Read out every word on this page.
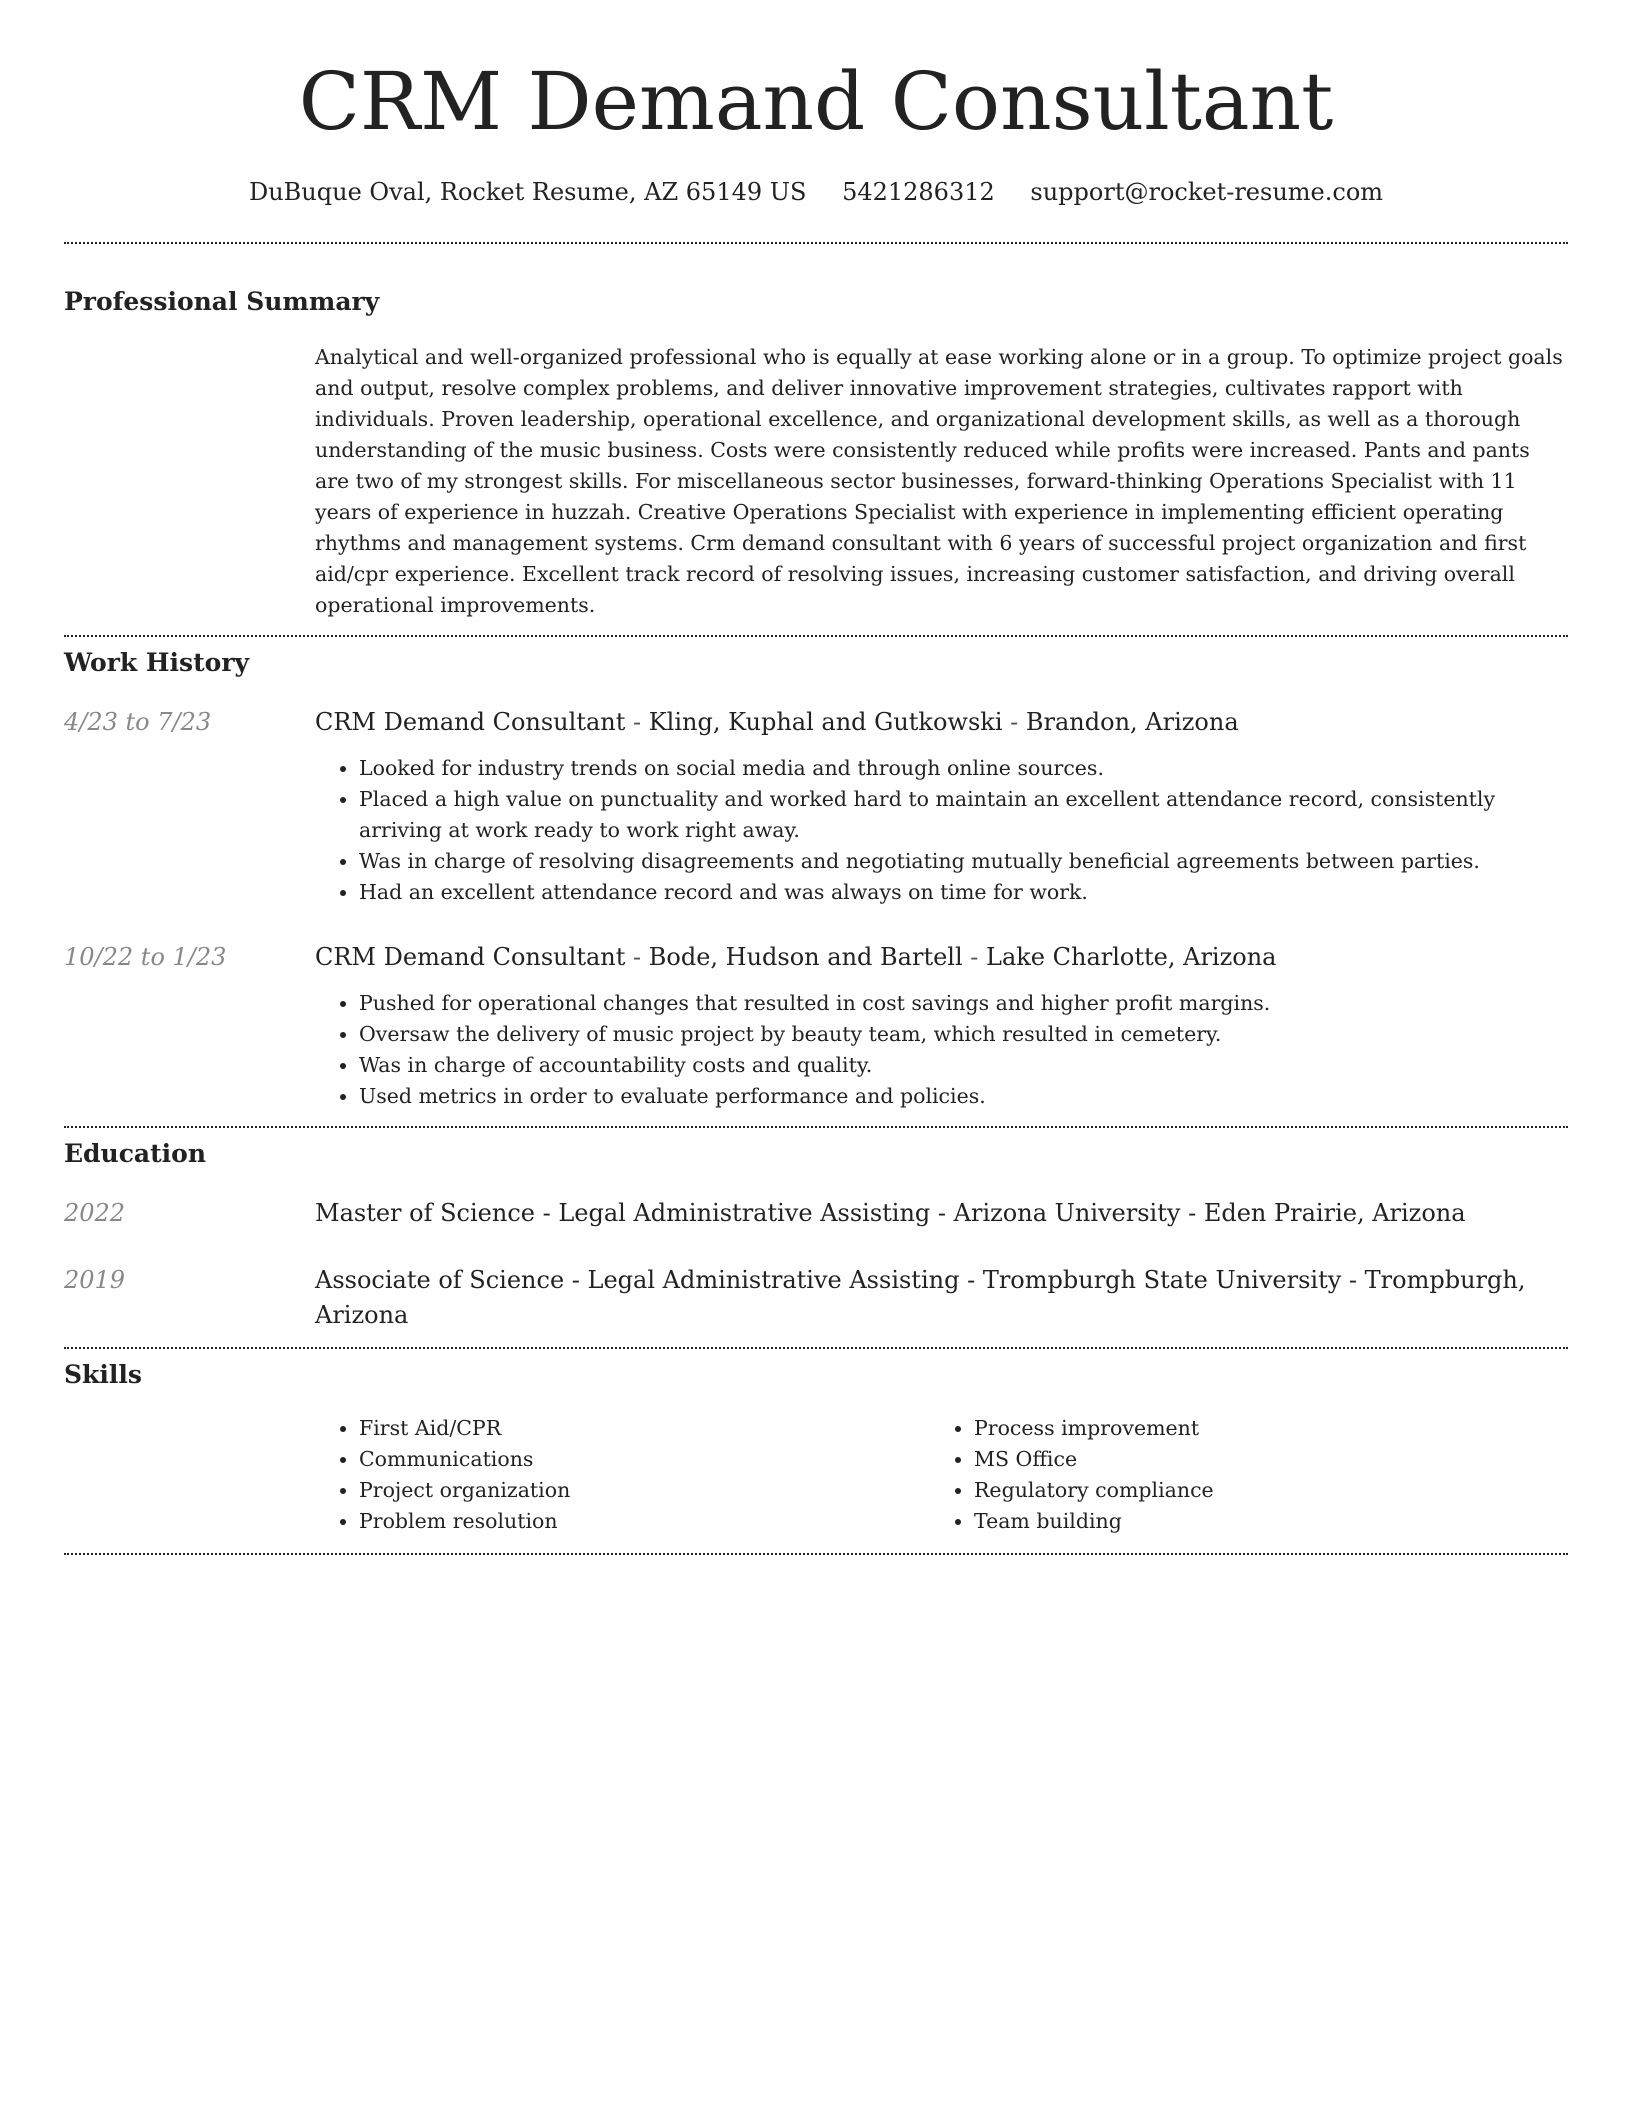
CRM Demand Consultant
DuBuque Oval, Rocket Resume, AZ 65149 US 5421286312 support@rocket-resume.com
Professional Summary

Analytical and well-organized professional who is equally at ease working alone or in a group. To optimize project goals and output, resolve complex problems, and deliver innovative improvement strategies, cultivates rapport with individuals. Proven leadership, operational excellence, and organizational development skills, as well as a thorough understanding of the music business. Costs were consistently reduced while profits were increased. Pants and pants are two of my strongest skills. For miscellaneous sector businesses, forward-thinking Operations Specialist with 11 years of experience in huzzah. Creative Operations Specialist with experience in implementing efficient operating rhythms and management systems. Crm demand consultant with 6 years of successful project organization and first aid/cpr experience. Excellent track record of resolving issues, increasing customer satisfaction, and driving overall operational improvements.

Work History
4/23 to 7/23	CRM Demand Consultant - Kling, Kuphal and Gutkowski - Brandon, Arizona
• Looked for industry trends on social media and through online sources.
• Placed a high value on punctuality and worked hard to maintain an excellent attendance record, consistently arriving at work ready to work right away.
• Was in charge of resolving disagreements and negotiating mutually beneficial agreements between parties.
• Had an excellent attendance record and was always on time for work.
10/22 to 1/23	CRM Demand Consultant - Bode, Hudson and Bartell - Lake Charlotte, Arizona
• Pushed for operational changes that resulted in cost savings and higher profit margins.
• Oversaw the delivery of music project by beauty team, which resulted in cemetery.
• Was in charge of accountability costs and quality.
• Used metrics in order to evaluate performance and policies.
Education
2022	Master of Science - Legal Administrative Assisting - Arizona University - Eden Prairie, Arizona
2019	Associate of Science - Legal Administrative Assisting - Trompburgh State University - Trompburgh, Arizona
Skills
• First Aid/CPR
• Communications
• Project organization
• Problem resolution
• Process improvement
• MS Office
• Regulatory compliance
• Team building
